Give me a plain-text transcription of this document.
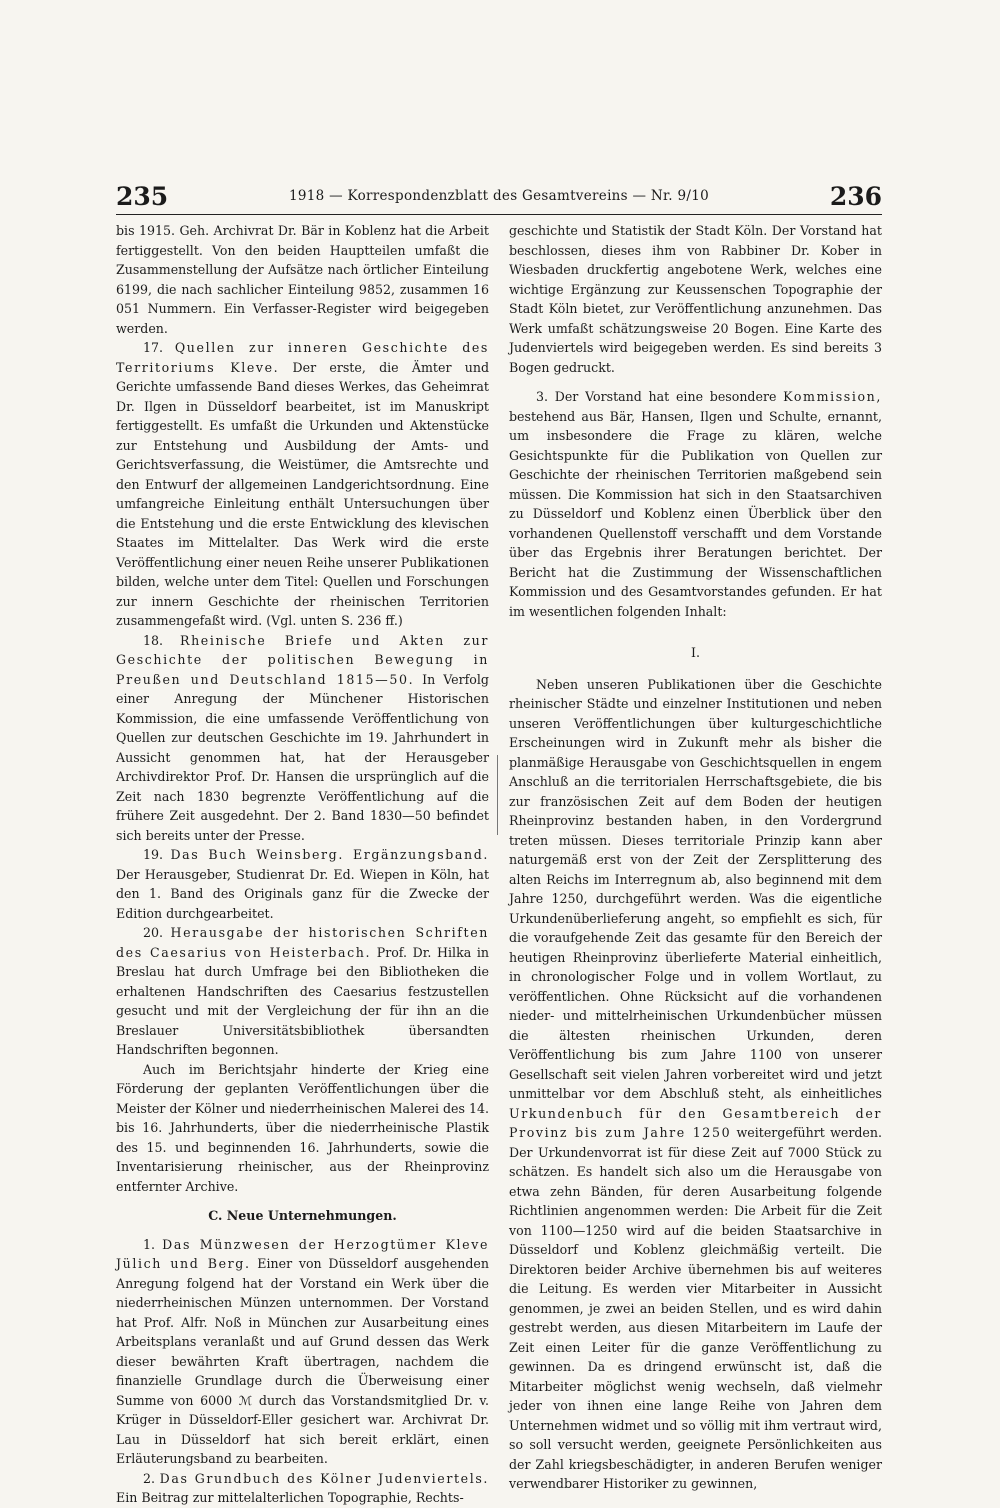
235	1918 — Korrespondenzblatt des Gesamtvereins — Nr. 9/10	236

bis 1915. Geh. Archivrat Dr. Bär in Koblenz hat die Arbeit fertiggestellt. Von den beiden Hauptteilen umfaßt die Zusammenstellung der Aufsätze nach örtlicher Einteilung 6199, die nach sachlicher Einteilung 9852, zusammen 16 051 Nummern. Ein Verfasser-Register wird beigegeben werden.

17. Quellen zur inneren Geschichte des Territoriums Kleve. Der erste, die Ämter und Gerichte umfassende Band dieses Werkes, das Geheimrat Dr. Ilgen in Düsseldorf bearbeitet, ist im Manuskript fertiggestellt. Es umfaßt die Urkunden und Aktenstücke zur Entstehung und Ausbildung der Amts- und Gerichtsverfassung, die Weistümer, die Amtsrechte und den Entwurf der allgemeinen Landgerichtsordnung. Eine umfangreiche Einleitung enthält Untersuchungen über die Entstehung und die erste Entwicklung des klevischen Staates im Mittelalter. Das Werk wird die erste Veröffentlichung einer neuen Reihe unserer Publikationen bilden, welche unter dem Titel: Quellen und Forschungen zur innern Geschichte der rheinischen Territorien zusammengefaßt wird. (Vgl. unten S. 236 ff.)

18. Rheinische Briefe und Akten zur Geschichte der politischen Bewegung in Preußen und Deutschland 1815—50. In Verfolg einer Anregung der Münchener Historischen Kommission, die eine umfassende Veröffentlichung von Quellen zur deutschen Geschichte im 19. Jahrhundert in Aussicht genommen hat, hat der Herausgeber Archivdirektor Prof. Dr. Hansen die ursprünglich auf die Zeit nach 1830 begrenzte Veröffentlichung auf die frühere Zeit ausgedehnt. Der 2. Band 1830—50 befindet sich bereits unter der Presse.

19. Das Buch Weinsberg. Ergänzungsband. Der Herausgeber, Studienrat Dr. Ed. Wiepen in Köln, hat den 1. Band des Originals ganz für die Zwecke der Edition durchgearbeitet.

20. Herausgabe der historischen Schriften des Caesarius von Heisterbach. Prof. Dr. Hilka in Breslau hat durch Umfrage bei den Bibliotheken die erhaltenen Handschriften des Caesarius festzustellen gesucht und mit der Vergleichung der für ihn an die Breslauer Universitätsbibliothek übersandten Handschriften begonnen.

Auch im Berichtsjahr hinderte der Krieg eine Förderung der geplanten Veröffentlichungen über die Meister der Kölner und niederrheinischen Malerei des 14. bis 16. Jahrhunderts, über die niederrheinische Plastik des 15. und beginnenden 16. Jahrhunderts, sowie die Inventarisierung rheinischer, aus der Rheinprovinz entfernter Archive.

C. Neue Unternehmungen.

1. Das Münzwesen der Herzogtümer Kleve Jülich und Berg. Einer von Düsseldorf ausgehenden Anregung folgend hat der Vorstand ein Werk über die niederrheinischen Münzen unternommen. Der Vorstand hat Prof. Alfr. Noß in München zur Ausarbeitung eines Arbeitsplans veranlaßt und auf Grund dessen das Werk dieser bewährten Kraft übertragen, nachdem die finanzielle Grundlage durch die Überweisung einer Summe von 6000 ℳ durch das Vorstandsmitglied Dr. v. Krüger in Düsseldorf-Eller gesichert war. Archivrat Dr. Lau in Düsseldorf hat sich bereit erklärt, einen Erläuterungsband zu bearbeiten.

2. Das Grundbuch des Kölner Judenviertels. Ein Beitrag zur mittelalterlichen Topographie, Rechts-

geschichte und Statistik der Stadt Köln. Der Vorstand hat beschlossen, dieses ihm von Rabbiner Dr. Kober in Wiesbaden druckfertig angebotene Werk, welches eine wichtige Ergänzung zur Keussenschen Topographie der Stadt Köln bietet, zur Veröffentlichung anzunehmen. Das Werk umfaßt schätzungsweise 20 Bogen. Eine Karte des Judenviertels wird beigegeben werden. Es sind bereits 3 Bogen gedruckt.

3. Der Vorstand hat eine besondere Kommission, bestehend aus Bär, Hansen, Ilgen und Schulte, ernannt, um insbesondere die Frage zu klären, welche Gesichtspunkte für die Publikation von Quellen zur Geschichte der rheinischen Territorien maßgebend sein müssen. Die Kommission hat sich in den Staatsarchiven zu Düsseldorf und Koblenz einen Überblick über den vorhandenen Quellenstoff verschafft und dem Vorstande über das Ergebnis ihrer Beratungen berichtet. Der Bericht hat die Zustimmung der Wissenschaftlichen Kommission und des Gesamtvorstandes gefunden. Er hat im wesentlichen folgenden Inhalt:

I.

Neben unseren Publikationen über die Geschichte rheinischer Städte und einzelner Institutionen und neben unseren Veröffentlichungen über kulturgeschichtliche Erscheinungen wird in Zukunft mehr als bisher die planmäßige Herausgabe von Geschichtsquellen in engem Anschluß an die territorialen Herrschaftsgebiete, die bis zur französischen Zeit auf dem Boden der heutigen Rheinprovinz bestanden haben, in den Vordergrund treten müssen. Dieses territoriale Prinzip kann aber naturgemäß erst von der Zeit der Zersplitterung des alten Reichs im Interregnum ab, also beginnend mit dem Jahre 1250, durchgeführt werden. Was die eigentliche Urkundenüberlieferung angeht, so empfiehlt es sich, für die voraufgehende Zeit das gesamte für den Bereich der heutigen Rheinprovinz überlieferte Material einheitlich, in chronologischer Folge und in vollem Wortlaut, zu veröffentlichen. Ohne Rücksicht auf die vorhandenen nieder- und mittelrheinischen Urkundenbücher müssen die ältesten rheinischen Urkunden, deren Veröffentlichung bis zum Jahre 1100 von unserer Gesellschaft seit vielen Jahren vorbereitet wird und jetzt unmittelbar vor dem Abschluß steht, als einheitliches Urkundenbuch für den Gesamtbereich der Provinz bis zum Jahre 1250 weitergeführt werden. Der Urkundenvorrat ist für diese Zeit auf 7000 Stück zu schätzen. Es handelt sich also um die Herausgabe von etwa zehn Bänden, für deren Ausarbeitung folgende Richtlinien angenommen werden: Die Arbeit für die Zeit von 1100—1250 wird auf die beiden Staatsarchive in Düsseldorf und Koblenz gleichmäßig verteilt. Die Direktoren beider Archive übernehmen bis auf weiteres die Leitung. Es werden vier Mitarbeiter in Aussicht genommen, je zwei an beiden Stellen, und es wird dahin gestrebt werden, aus diesen Mitarbeitern im Laufe der Zeit einen Leiter für die ganze Veröffentlichung zu gewinnen. Da es dringend erwünscht ist, daß die Mitarbeiter möglichst wenig wechseln, daß vielmehr jeder von ihnen eine lange Reihe von Jahren dem Unternehmen widmet und so völlig mit ihm vertraut wird, so soll versucht werden, geeignete Persönlichkeiten aus der Zahl kriegsbeschädigter, in anderen Berufen weniger verwendbarer Historiker zu gewinnen,
